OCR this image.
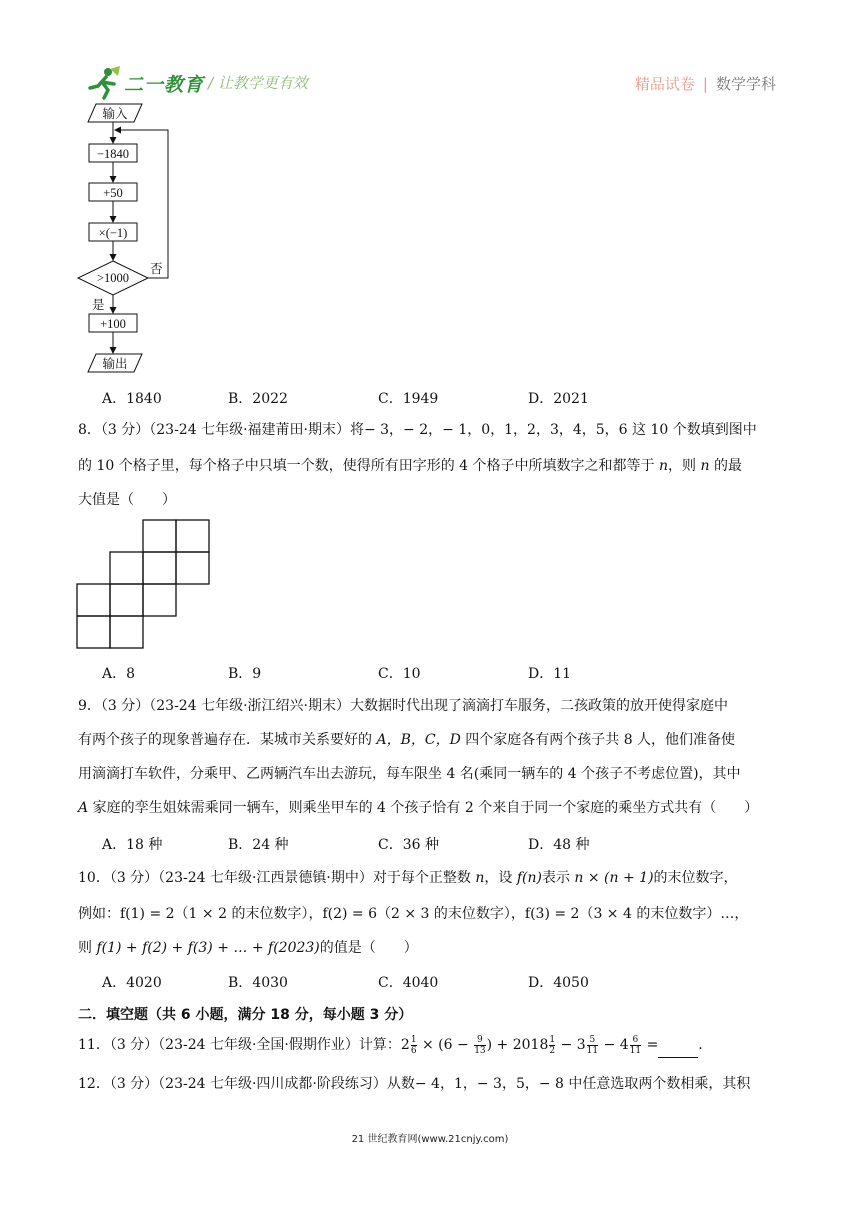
二一教育 / 让教学更有效	精品试卷 | 数学学科
输入
−1840
+50
×(−1)
>1000
否
是
+100
输出
A．1840	B．2022	C．1949	D．2021
8．（3 分）（23-24 七年级·福建莆田·期末）将− 3，− 2，− 1，0，1，2，3，4，5，6 这 10 个数填到图中
的 10 个格子里，每个格子中只填一个数，使得所有田字形的 4 个格子中所填数字之和都等于 n，则 n 的最
大值是（　　）
A．8	B．9	C．10	D．11
9．（3 分）（23-24 七年级·浙江绍兴·期末）大数据时代出现了滴滴打车服务，二孩政策的放开使得家庭中
有两个孩子的现象普遍存在．某城市关系要好的 A，B，C，D 四个家庭各有两个孩子共 8 人，他们准备使
用滴滴打车软件，分乘甲、乙两辆汽车出去游玩，每车限坐 4 名(乘同一辆车的 4 个孩子不考虑位置)，其中
A 家庭的孪生姐妹需乘同一辆车，则乘坐甲车的 4 个孩子恰有 2 个来自于同一个家庭的乘坐方式共有（　　）
A．18 种	B．24 种	C．36 种	D．48 种
10．（3 分）（23-24 七年级·江西景德镇·期中）对于每个正整数 n，设 f(n)表示 n × (n + 1)的末位数字，
例如：f(1) = 2（1 × 2 的末位数字），f(2) = 6（2 × 3 的末位数字），f(3) = 2（3 × 4 的末位数字）…，
则 f(1) + f(2) + f(3) + … + f(2023)的值是（　　）
A．4020	B．4030	C．4040	D．4050
二．填空题（共 6 小题，满分 18 分，每小题 3 分）
11．（3 分）（23-24 七年级·全国·假期作业）计算：$2 \frac{1}{6} \times (6 - \frac{9}{13}$ ) + $2018 \frac{1}{2} - 3 \frac{5}{11} - 4 \frac{6}{11}$ =	.
12．（3 分）（23-24 七年级·四川成都·阶段练习）从数− 4，1，− 3，5，− 8 中任意选取两个数相乘，其积
21 世纪教育网(www.21cnjy.com)
